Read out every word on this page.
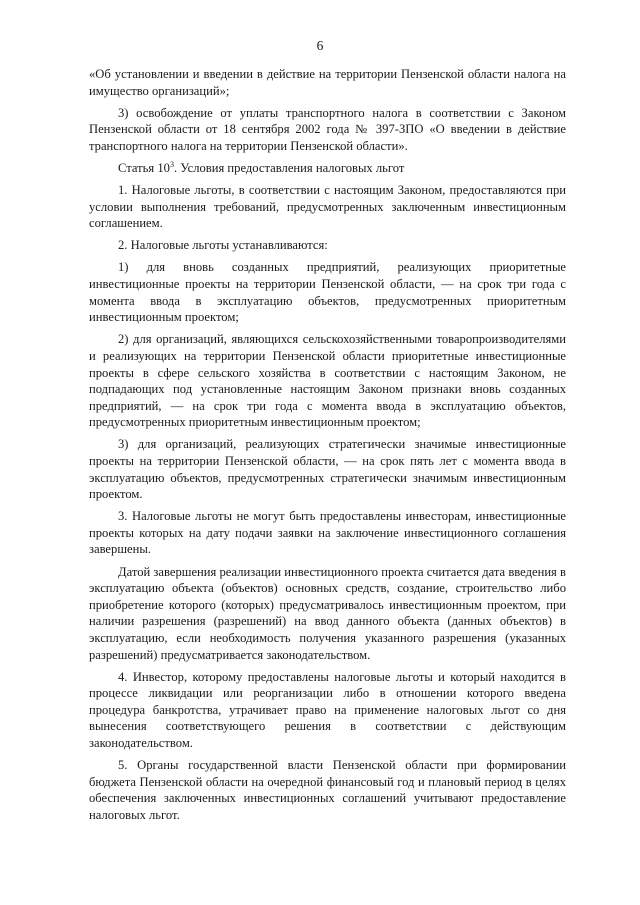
6

«Об установлении и введении в действие на территории Пензенской области налога на имущество организаций»;

3) освобождение от уплаты транспортного налога в соответствии с Законом Пензенской области от 18 сентября 2002 года № 397-ЗПО «О введении в действие транспортного налога на территории Пензенской области».

Статья $10^3$. Условия предоставления налоговых льгот

1. Налоговые льготы, в соответствии с настоящим Законом, предоставляются при условии выполнения требований, предусмотренных заключенным инвестиционным соглашением.

2. Налоговые льготы устанавливаются:

1) для вновь созданных предприятий, реализующих приоритетные инвестиционные проекты на территории Пензенской области, — на срок три года с момента ввода в эксплуатацию объектов, предусмотренных приоритетным инвестиционным проектом;

2) для организаций, являющихся сельскохозяйственными товаропроизводителями и реализующих на территории Пензенской области приоритетные инвестиционные проекты в сфере сельского хозяйства в соответствии с настоящим Законом, не подпадающих под установленные настоящим Законом признаки вновь созданных предприятий, — на срок три года с момента ввода в эксплуатацию объектов, предусмотренных приоритетным инвестиционным проектом;

3) для организаций, реализующих стратегически значимые инвестиционные проекты на территории Пензенской области, — на срок пять лет с момента ввода в эксплуатацию объектов, предусмотренных стратегически значимым инвестиционным проектом.

3. Налоговые льготы не могут быть предоставлены инвесторам, инвестиционные проекты которых на дату подачи заявки на заключение инвестиционного соглашения завершены.

Датой завершения реализации инвестиционного проекта считается дата введения в эксплуатацию объекта (объектов) основных средств, создание, строительство либо приобретение которого (которых) предусматривалось инвестиционным проектом, при наличии разрешения (разрешений) на ввод данного объекта (данных объектов) в эксплуатацию, если необходимость получения указанного разрешения (указанных разрешений) предусматривается законодательством.

4. Инвестор, которому предоставлены налоговые льготы и который находится в процессе ликвидации или реорганизации либо в отношении которого введена процедура банкротства, утрачивает право на применение налоговых льгот со дня вынесения соответствующего решения в соответствии с действующим законодательством.

5. Органы государственной власти Пензенской области при формировании бюджета Пензенской области на очередной финансовый год и плановый период в целях обеспечения заключенных инвестиционных соглашений учитывают предоставление налоговых льгот.
